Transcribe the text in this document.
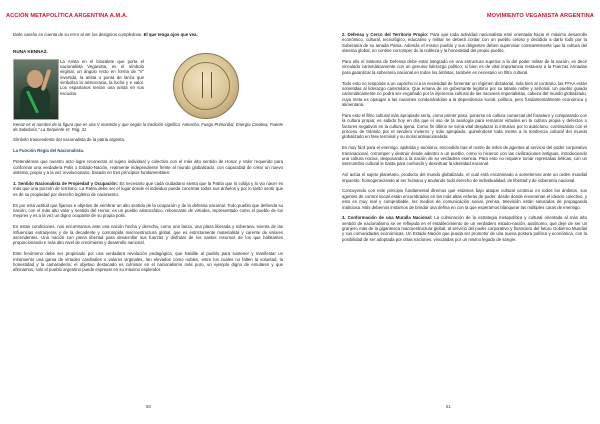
ACCIÓN METAPOLÍTICA ARGENTINA A.M.A.

tarde caerán en cuenta de su error al ver los designios cumplirdose. El que tenga ojos que vea.

RUNA KENNAZ.
La Arista en el brazalete que porta el nacionalista Veganista, es el símbolo virginal, un ángulo recto en forma de "V" invertida, la arista o punta de lanza que simboliza la aristocracia, la lucha y e valor. Los espartanos tenían una arista en sus escudos.

Kenaz es el nombre de la figura que es una V invertida y que según la tradición significa: Antorcha, Fuego Primordial, Energía Creativa, Fuente de Sabiduría." La Serpiente VI, Pág. 31

Símbolo trascendente del nacionalista de la patria argenta.

La Función Regia del Nacionalista.

Pretendemos que nuestro acto logre reconectar al sujeto individual y colectivo con el más alto sentido de Honor y Valor requerido para conformar una verdadera Polis o Estado-Nación, realmente independiente frente al mundo globalizado, con capacidad de crear un nuevo sistema, propio y a la vez revolucionario, basado en tres principios fundamentales:

1. Sentido Nacionalista de Propiedad y Ocupación: Es necesario que cada ciudadano sienta que la Patria que lo cobija y lo vio nacer es más que una porción de territorio. La Patria debe ser el lugar donde el individuo pueda concretar todos sus anhelos y por lo tanto sentir que es de su propiedad por derecho legítimo de nacimiento.

Es por esta actitud que fijamos e objetivo de sembrar un alto sentido de la ocupación y de la defensa nacional. Todo pueblo que defienda su nación, con el más alto valor y sentido del Honor, es un pueblo aristocrático, reboscante de virtudes, representado como el pueblo de los mejores y es a la vez un digno ocupante de su propia polis.

En estas condiciones, nos encontramos ante una nación hecha y derecha, como una lanza, una plaza liberada y soberana, exenta de las influencias extranjeras y de la decadente y corrompida macroestructura global, que es estrictamente materialista y carente de valores ascendentes. Una nación con plena libertad para desarrollar sus fuerzas y disfrutar de los vastos recursos de los que habitantes proporcionando e más alto nivel de crecimiento y desarrollo nacional.

Este fenómeno debe ser propiciado por una verdadera revolución pedagógica, que habilite al pueblo para sostener y manifestar un miramiento una gama de virtudes cardinales o valores virginales, tan elevados como nobles, entre los cuales no falten la voluntad, la honestidad y la camaradería; el objetivo destacado es culminar en el nacionalismo más puro, un ejemplo digno de emulares y que afirmamos, solo el pueblo argentino puede expresar en su máximo esplendor.

50
MOVIMIENTO VEGANISTA ARGENTINA

2. Defensa y Cerco del Territorio Propio: Para que toda actividad nacionalista esté orientada hacia el máximo desarrollo económico, cultural, tecnológico, educativo y militar se deberá contar con un pueblo celoso y decidido a darlo todo por la Soberanía de su amada Patria. Además el mismo pueblo y sus dirigentes deben supervisar constantemente que la cultura del sistema global, no contine corromper do la nobleza y la honestidad del propio pueblo.

Para ello el Sistema de Defensa debe estar integrado en una estructura superior a la del poder militar de la nación, es decir vinculado carismáticamente con un genuino liderazgo político; si bien es de vital importancia restaurar a la Fuerzas Armadas para garantizar la soberanía nacional en todos los ámbitos, también es necesario un filtro cultural.

Todo esto no responde a un capricho ni a la necesidad de fomentar un régimen dictatorial, más bien al contrario, las FFAA están sometidas al liderazgo carismático. Que emana de un gobernante legítimo por su talante noble y señorial. Un pueblo guiado carismáticamente no podrá ser engañado por la injerencia cultural de las naciones imperialistas, cabeza del mundo globalizado, cuya meta es opaugar a las naciones condenándolas a la dependencia social, política, pero fundamentalmente económica y alimentaria.

Para esto el filtro cultural más apropiado sería, como primer paso, ponerse en cultura comercial del forastero y comparando con la cultura propia; es sabido hoy en día que el uso de la axiología para remarcar virtudes en la cultura propia y defectos o factores negativos en la cultura ajena. Como fin último se torna vital desplazar lo intrusivo por lo autóctono, continuando con el proceso de tránsito por el sendero invierno y más apropiado, quiméndose toda mente a la tendencia cultural del mundo globalizado en fase terminal y su moral antinacionalista.

Es muy fácil para el enemigo, apátrida y anónimo, escondido tras el rostro de miles de agentes al servicio del poder corporativo transnacional, corromper y destruir desde adentro a un pueblo, como lo hicieron con las civilizaciones antiguas, introduciendo una cultura nociva, desposando a la nación de su verdadera esencia. Para esto no requiere tomar represalias bélicas, con un intercambio cultural le basta para confundir y desvirtuar la identidad nacional.

Así actúa el sujeto planetario, producto del mundo globalizado, el cual está encaminado a someternos ante un orden mundial impuesto, homogeneizando al ser humano y anulando todo derecho de individualidad, de libertad y de soberanía nacional.

Concuyendo con este principio fundamental diremos que estamos bajo ataque cultural continuo en todos los ámbitos, sus agentes de control social están encumbrados en las más altas esferas de poder, desde donde envenenan el ideario colectivo, y esto es muy real y comprobable, los medios de comunicación social, prensa, televisión están saturados de propaganda maliciosa. Más debemos instarnos de brindar una defina en con la que esperamos blanquear las múltiples caras de enemigo.

3. Conformación de una Muralla Nacional: La culminación de la estrategia metapolítica y cultural orientada al más alto sentido de nacionalismo se ve reflejada en el establecimiento de un verdadero estado-nación, autónomo, que deje de ser un granjero más de la gigantesca macroestructura global, al servicio del poder corporativo y financiero del futuro Gobierno Mundial y sus comunidades económicas. Un Estado-Nación que pueda ser promotor de una nueva postura política y económica, con la posibilidad de ser adoptada por otras naciones, vinculadas por un mismo legado de sangre.

51
